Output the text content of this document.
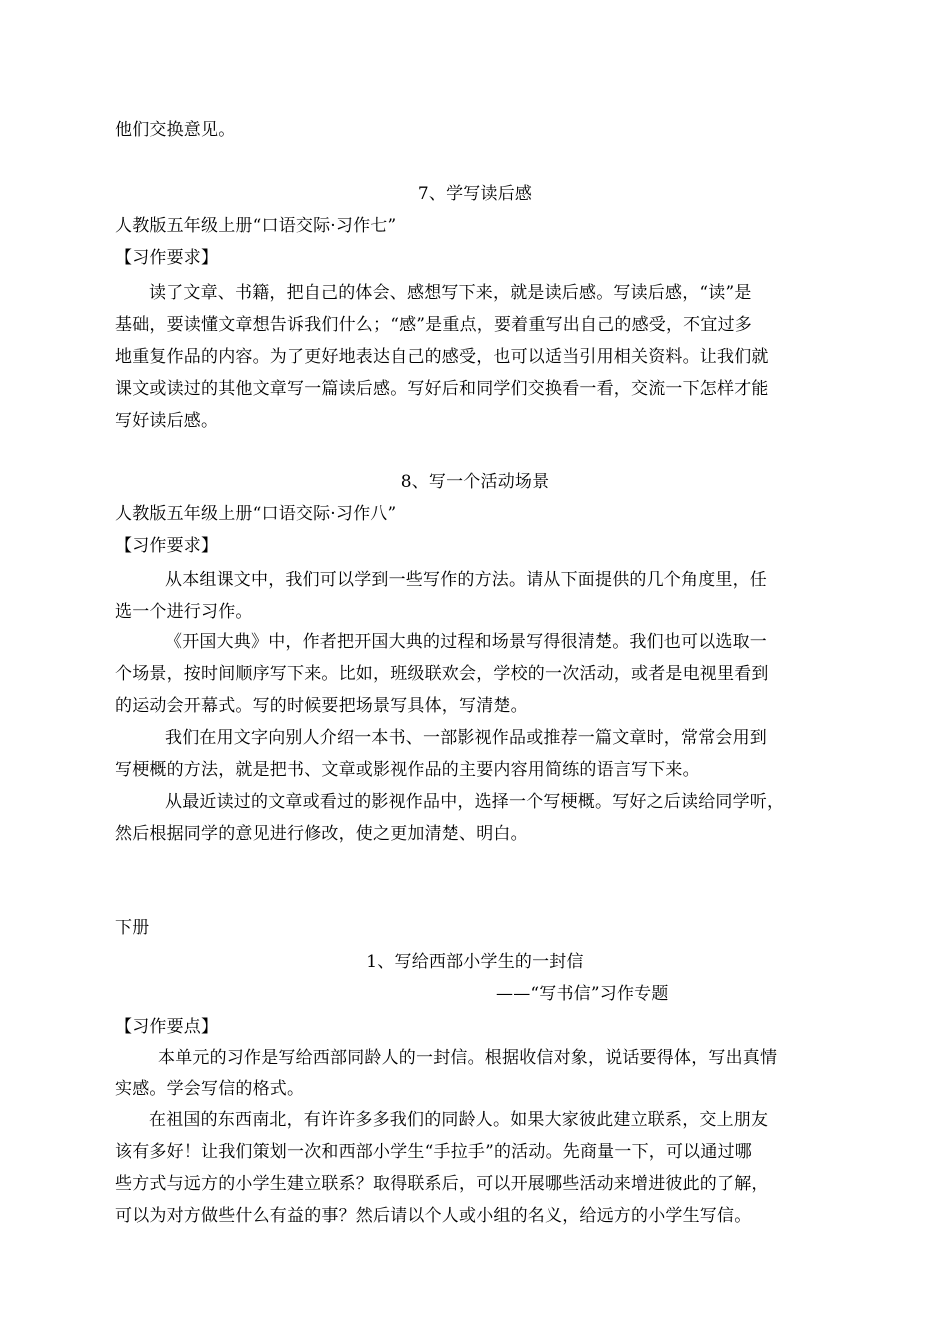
他们交换意见。
7、学写读后感
人教版五年级上册“口语交际·习作七”
【习作要求】
读了文章、书籍，把自己的体会、感想写下来，就是读后感。写读后感，“读”是
基础，要读懂文章想告诉我们什么；“感”是重点，要着重写出自己的感受，不宜过多
地重复作品的内容。为了更好地表达自己的感受，也可以适当引用相关资料。让我们就
课文或读过的其他文章写一篇读后感。写好后和同学们交换看一看，交流一下怎样才能
写好读后感。
8、写一个活动场景
人教版五年级上册“口语交际·习作八”
【习作要求】
从本组课文中，我们可以学到一些写作的方法。请从下面提供的几个角度里，任
选一个进行习作。
《开国大典》中，作者把开国大典的过程和场景写得很清楚。我们也可以选取一
个场景，按时间顺序写下来。比如，班级联欢会，学校的一次活动，或者是电视里看到
的运动会开幕式。写的时候要把场景写具体，写清楚。
我们在用文字向别人介绍一本书、一部影视作品或推荐一篇文章时，常常会用到
写梗概的方法，就是把书、文章或影视作品的主要内容用简练的语言写下来。
从最近读过的文章或看过的影视作品中，选择一个写梗概。写好之后读给同学听，
然后根据同学的意见进行修改，使之更加清楚、明白。
下册
1、写给西部小学生的一封信
——“写书信”习作专题
【习作要点】
本单元的习作是写给西部同龄人的一封信。根据收信对象，说话要得体，写出真情
实感。学会写信的格式。
在祖国的东西南北，有许许多多我们的同龄人。如果大家彼此建立联系，交上朋友
该有多好！让我们策划一次和西部小学生“手拉手”的活动。先商量一下，可以通过哪
些方式与远方的小学生建立联系？取得联系后，可以开展哪些活动来增进彼此的了解，
可以为对方做些什么有益的事？然后请以个人或小组的名义，给远方的小学生写信。
